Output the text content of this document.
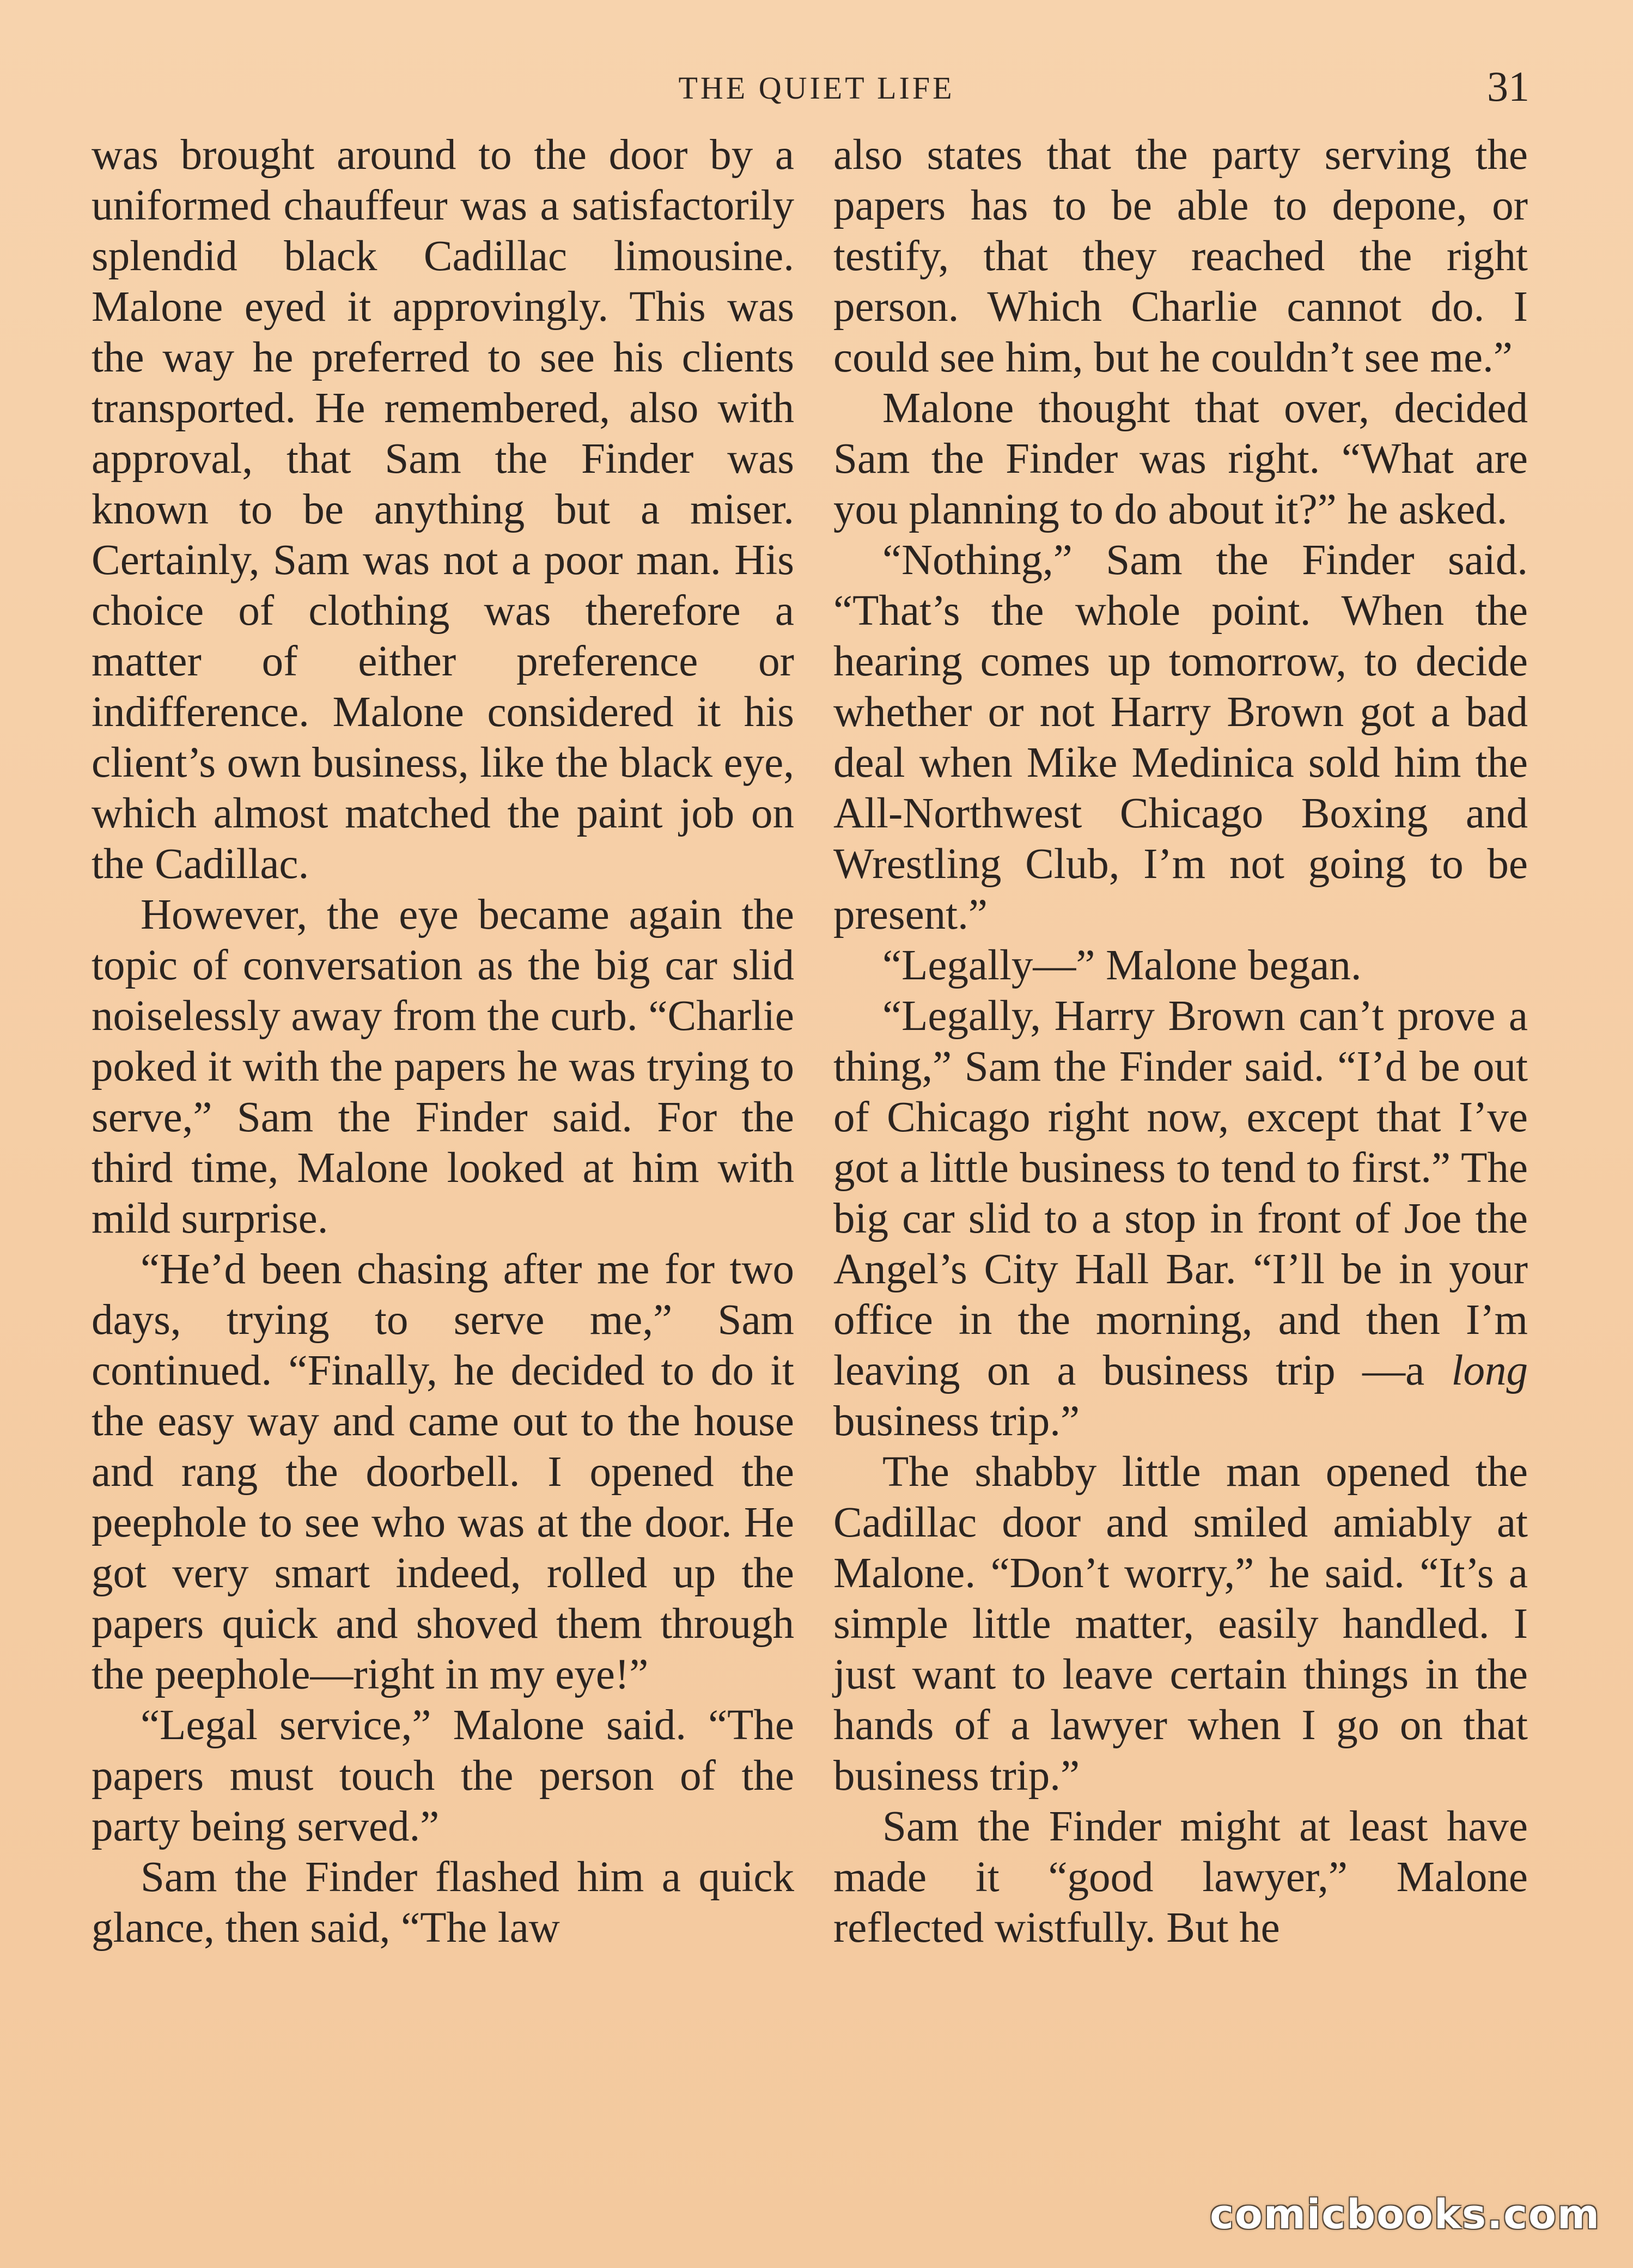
THE QUIET LIFE	31

was brought around to the door by a uniformed chauffeur was a satisfactorily splendid black Cadillac limousine. Malone eyed it approvingly. This was the way he preferred to see his clients transported. He remembered, also with approval, that Sam the Finder was known to be anything but a miser. Certainly, Sam was not a poor man. His choice of clothing was therefore a matter of either preference or indifference. Malone considered it his client’s own business, like the black eye, which almost matched the paint job on the Cadillac.

However, the eye became again the topic of conversation as the big car slid noiselessly away from the curb. “Charlie poked it with the papers he was trying to serve,” Sam the Finder said. For the third time, Malone looked at him with mild surprise.

“He’d been chasing after me for two days, trying to serve me,” Sam continued. “Finally, he decided to do it the easy way and came out to the house and rang the doorbell. I opened the peephole to see who was at the door. He got very smart indeed, rolled up the papers quick and shoved them through the peephole—right in my eye!”

“Legal service,” Malone said. “The papers must touch the person of the party being served.”

Sam the Finder flashed him a quick glance, then said, “The law

also states that the party serving the papers has to be able to depone, or testify, that they reached the right person. Which Charlie cannot do. I could see him, but he couldn’t see me.”

Malone thought that over, decided Sam the Finder was right. “What are you planning to do about it?” he asked.

“Nothing,” Sam the Finder said. “That’s the whole point. When the hearing comes up tomorrow, to decide whether or not Harry Brown got a bad deal when Mike Medinica sold him the All-Northwest Chicago Boxing and Wrestling Club, I’m not going to be present.”

“Legally—” Malone began.

“Legally, Harry Brown can’t prove a thing,” Sam the Finder said. “I’d be out of Chicago right now, except that I’ve got a little business to tend to first.” The big car slid to a stop in front of Joe the Angel’s City Hall Bar. “I’ll be in your office in the morning, and then I’m leaving on a business trip —a long business trip.”

The shabby little man opened the Cadillac door and smiled amiably at Malone. “Don’t worry,” he said. “It’s a simple little matter, easily handled. I just want to leave certain things in the hands of a lawyer when I go on that business trip.”

Sam the Finder might at least have made it “good lawyer,” Malone reflected wistfully. But he

comicbooks.com
